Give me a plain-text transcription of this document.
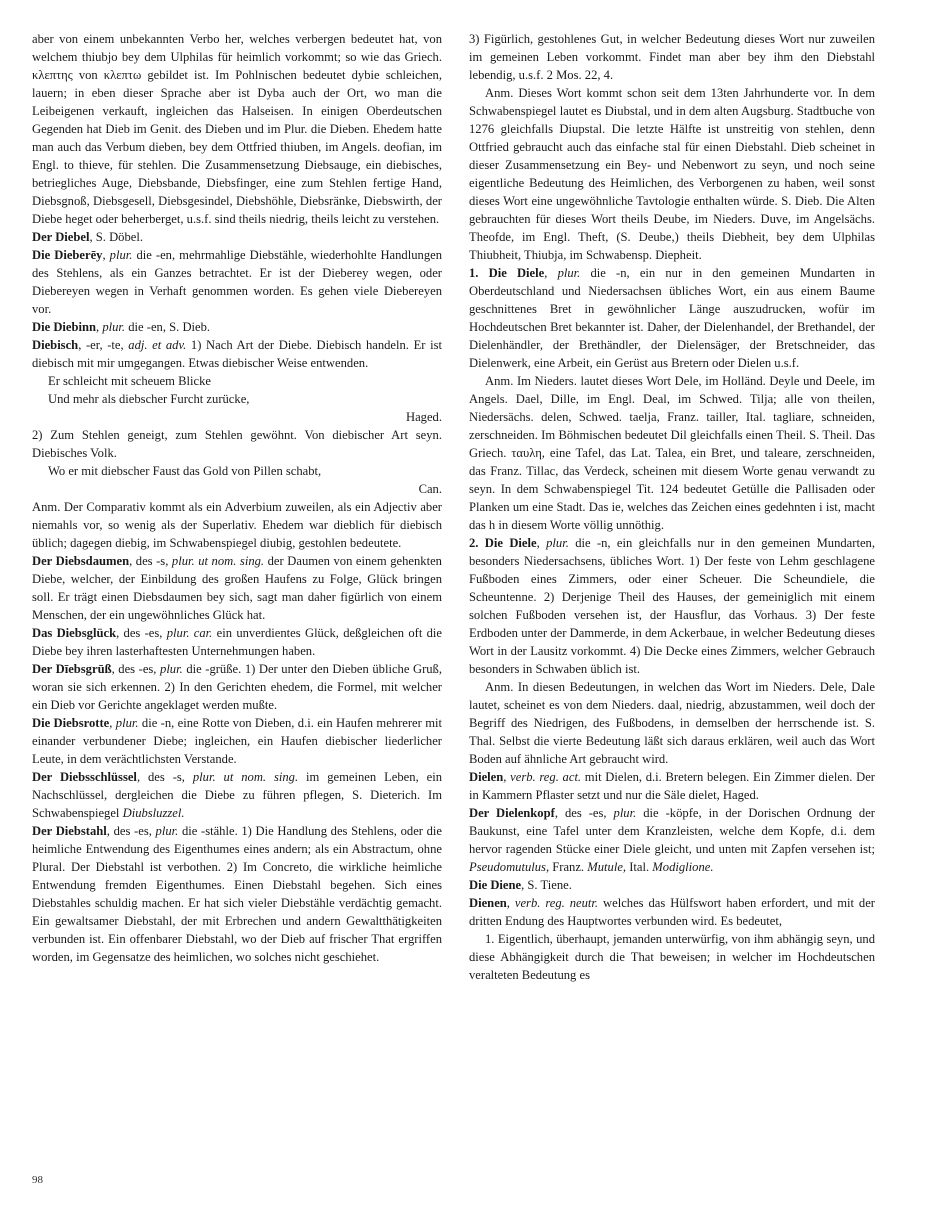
aber von einem unbekannten Verbo her, welches verbergen bedeutet hat, von welchem thiubjo bey dem Ulphilas für heimlich vorkommt; so wie das Griech. κλεπτης von κλεπτω gebildet ist. Im Pohlnischen bedeutet dybie schleichen, lauern; in eben dieser Sprache aber ist Dyba auch der Ort, wo man die Leibeigenen verkauft, ingleichen das Halseisen. In einigen Oberdeutschen Gegenden hat Dieb im Genit. des Dieben und im Plur. die Dieben. Ehedem hatte man auch das Verbum dieben, bey dem Ottfried thiuben, im Angels. deofian, im Engl. to thieve, für stehlen. Die Zusammensetzung Diebsauge, ein diebisches, betriegliches Auge, Diebsbande, Diebsfinger, eine zum Stehlen fertige Hand, Diebsgnoß, Diebsgesell, Diebsgesindel, Diebshöhle, Diebsränke, Diebswirth, der Diebe heget oder beherberget, u.s.f. sind theils niedrig, theils leicht zu verstehen.

Der Diebel, S. Döbel.

Die Dieberēy, plur. die -en, mehrmahlige Diebstähle, wiederhohlte Handlungen des Stehlens, als ein Ganzes betrachtet. Er ist der Dieberey wegen, oder Diebereyen wegen in Verhaft genommen worden. Es gehen viele Diebereyen vor.

Die Diebinn, plur. die -en, S. Dieb.

Diebisch, -er, -te, adj. et adv. 1) Nach Art der Diebe. Diebisch handeln. Er ist diebisch mit mir umgegangen. Etwas diebischer Weise entwenden.

Er schleicht mit scheuem Blicke

Und mehr als diebscher Furcht zurücke,

Haged.

2) Zum Stehlen geneigt, zum Stehlen gewöhnt. Von diebischer Art seyn. Diebisches Volk.

Wo er mit diebscher Faust das Gold von Pillen schabt,

Can.

Anm. Der Comparativ kommt als ein Adverbium zuweilen, als ein Adjectiv aber niemahls vor, so wenig als der Superlativ. Ehedem war dieblich für diebisch üblich; dagegen diebig, im Schwabenspiegel diubig, gestohlen bedeutete.

Der Diebsdaumen, des -s, plur. ut nom. sing. der Daumen von einem gehenkten Diebe, welcher, der Einbildung des großen Haufens zu Folge, Glück bringen soll. Er trägt einen Diebsdaumen bey sich, sagt man daher figürlich von einem Menschen, der ein ungewöhnliches Glück hat.

Das Diebsglück, des -es, plur. car. ein unverdientes Glück, deßgleichen oft die Diebe bey ihren lasterhaftesten Unternehmungen haben.

Der Dīebsgrūß, des -es, plur. die -grüße. 1) Der unter den Dieben übliche Gruß, woran sie sich erkennen. 2) In den Gerichten ehedem, die Formel, mit welcher ein Dieb vor Gerichte angeklaget werden mußte.

Die Diebsrotte, plur. die -n, eine Rotte von Dieben, d.i. ein Haufen mehrerer mit einander verbundener Diebe; ingleichen, ein Haufen diebischer liederlicher Leute, in dem verächtlichsten Verstande.

Der Diebsschlüssel, des -s, plur. ut nom. sing. im gemeinen Leben, ein Nachschlüssel, dergleichen die Diebe zu führen pflegen, S. Dieterich. Im Schwabenspiegel Diubsluzzel.

Der Diebstahl, des -es, plur. die -stähle. 1) Die Handlung des Stehlens, oder die heimliche Entwendung des Eigenthumes eines andern; als ein Abstractum, ohne Plural. Der Diebstahl ist verbothen. 2) Im Concreto, die wirkliche heimliche Entwendung fremden Eigenthumes. Einen Diebstahl begehen. Sich eines Diebstahles schuldig machen. Er hat sich vieler Diebstähle verdächtig gemacht. Ein gewaltsamer Diebstahl, der mit Erbrechen und andern Gewaltthätigkeiten verbunden ist. Ein offenbarer Diebstahl, wo der Dieb auf frischer That ergriffen worden, im Gegensatze des heimlichen, wo solches nicht geschiehet.

3) Figürlich, gestohlenes Gut, in welcher Bedeutung dieses Wort nur zuweilen im gemeinen Leben vorkommt. Findet man aber bey ihm den Diebstahl lebendig, u.s.f. 2 Mos. 22, 4.

Anm. Dieses Wort kommt schon seit dem 13ten Jahrhunderte vor. In dem Schwabenspiegel lautet es Diubstal, und in dem alten Augsburg. Stadtbuche von 1276 gleichfalls Diupstal. Die letzte Hälfte ist unstreitig von stehlen, denn Ottfried gebraucht auch das einfache stal für einen Diebstahl. Dieb scheinet in dieser Zusammensetzung ein Bey- und Nebenwort zu seyn, und noch seine eigentliche Bedeutung des Heimlichen, des Verborgenen zu haben, weil sonst dieses Wort eine ungewöhnliche Tavtologie enthalten würde. S. Dieb. Die Alten gebrauchten für dieses Wort theils Deube, im Nieders. Duve, im Angelsächs. Theofde, im Engl. Theft, (S. Deube,) theils Diebheit, bey dem Ulphilas Thiubheit, Thiubja, im Schwabensp. Diepheit.

1. Die Diele, plur. die -n, ein nur in den gemeinen Mundarten in Oberdeutschland und Niedersachsen übliches Wort, ein aus einem Baume geschnittenes Bret in gewöhnlicher Länge auszudrucken, wofür im Hochdeutschen Bret bekannter ist. Daher, der Dielenhandel, der Brethandel, der Dielenhändler, der Brethändler, der Dielensäger, der Bretschneider, das Dielenwerk, eine Arbeit, ein Gerüst aus Bretern oder Dielen u.s.f.

Anm. Im Nieders. lautet dieses Wort Dele, im Holländ. Deyle und Deele, im Angels. Dael, Dille, im Engl. Deal, im Schwed. Tilja; alle von theilen, Niedersächs. delen, Schwed. taelja, Franz. tailler, Ital. tagliare, schneiden, zerschneiden. Im Böhmischen bedeutet Dil gleichfalls einen Theil. S. Theil. Das Griech. ταυλη, eine Tafel, das Lat. Talea, ein Bret, und taleare, zerschneiden, das Franz. Tillac, das Verdeck, scheinen mit diesem Worte genau verwandt zu seyn. In dem Schwabenspiegel Tit. 124 bedeutet Getülle die Pallisaden oder Planken um eine Stadt. Das ie, welches das Zeichen eines gedehnten i ist, macht das h in diesem Worte völlig unnöthig.

2. Die Diele, plur. die -n, ein gleichfalls nur in den gemeinen Mundarten, besonders Niedersachsens, übliches Wort. 1) Der feste von Lehm geschlagene Fußboden eines Zimmers, oder einer Scheuer. Die Scheundiele, die Scheuntenne. 2) Derjenige Theil des Hauses, der gemeiniglich mit einem solchen Fußboden versehen ist, der Hausflur, das Vorhaus. 3) Der feste Erdboden unter der Dammerde, in dem Ackerbaue, in welcher Bedeutung dieses Wort in der Lausitz vorkommt. 4) Die Decke eines Zimmers, welcher Gebrauch besonders in Schwaben üblich ist.

Anm. In diesen Bedeutungen, in welchen das Wort im Nieders. Dele, Dale lautet, scheinet es von dem Nieders. daal, niedrig, abzustammen, weil doch der Begriff des Niedrigen, des Fußbodens, in demselben der herrschende ist. S. Thal. Selbst die vierte Bedeutung läßt sich daraus erklären, weil auch das Wort Boden auf ähnliche Art gebraucht wird.

Dielen, verb. reg. act. mit Dielen, d.i. Bretern belegen. Ein Zimmer dielen. Der in Kammern Pflaster setzt und nur die Säle dielet, Haged.

Der Dielenkopf, des -es, plur. die -köpfe, in der Dorischen Ordnung der Baukunst, eine Tafel unter dem Kranzleisten, welche dem Kopfe, d.i. dem hervor ragenden Stücke einer Diele gleicht, und unten mit Zapfen versehen ist; Pseudomutulus, Franz. Mutule, Ital. Modiglione.

Die Diene, S. Tiene.

Dienen, verb. reg. neutr. welches das Hülfswort haben erfordert, und mit der dritten Endung des Hauptwortes verbunden wird. Es bedeutet,

1. Eigentlich, überhaupt, jemanden unterwürfig, von ihm abhängig seyn, und diese Abhängigkeit durch die That beweisen; in welcher im Hochdeutschen veralteten Bedeutung es

98
